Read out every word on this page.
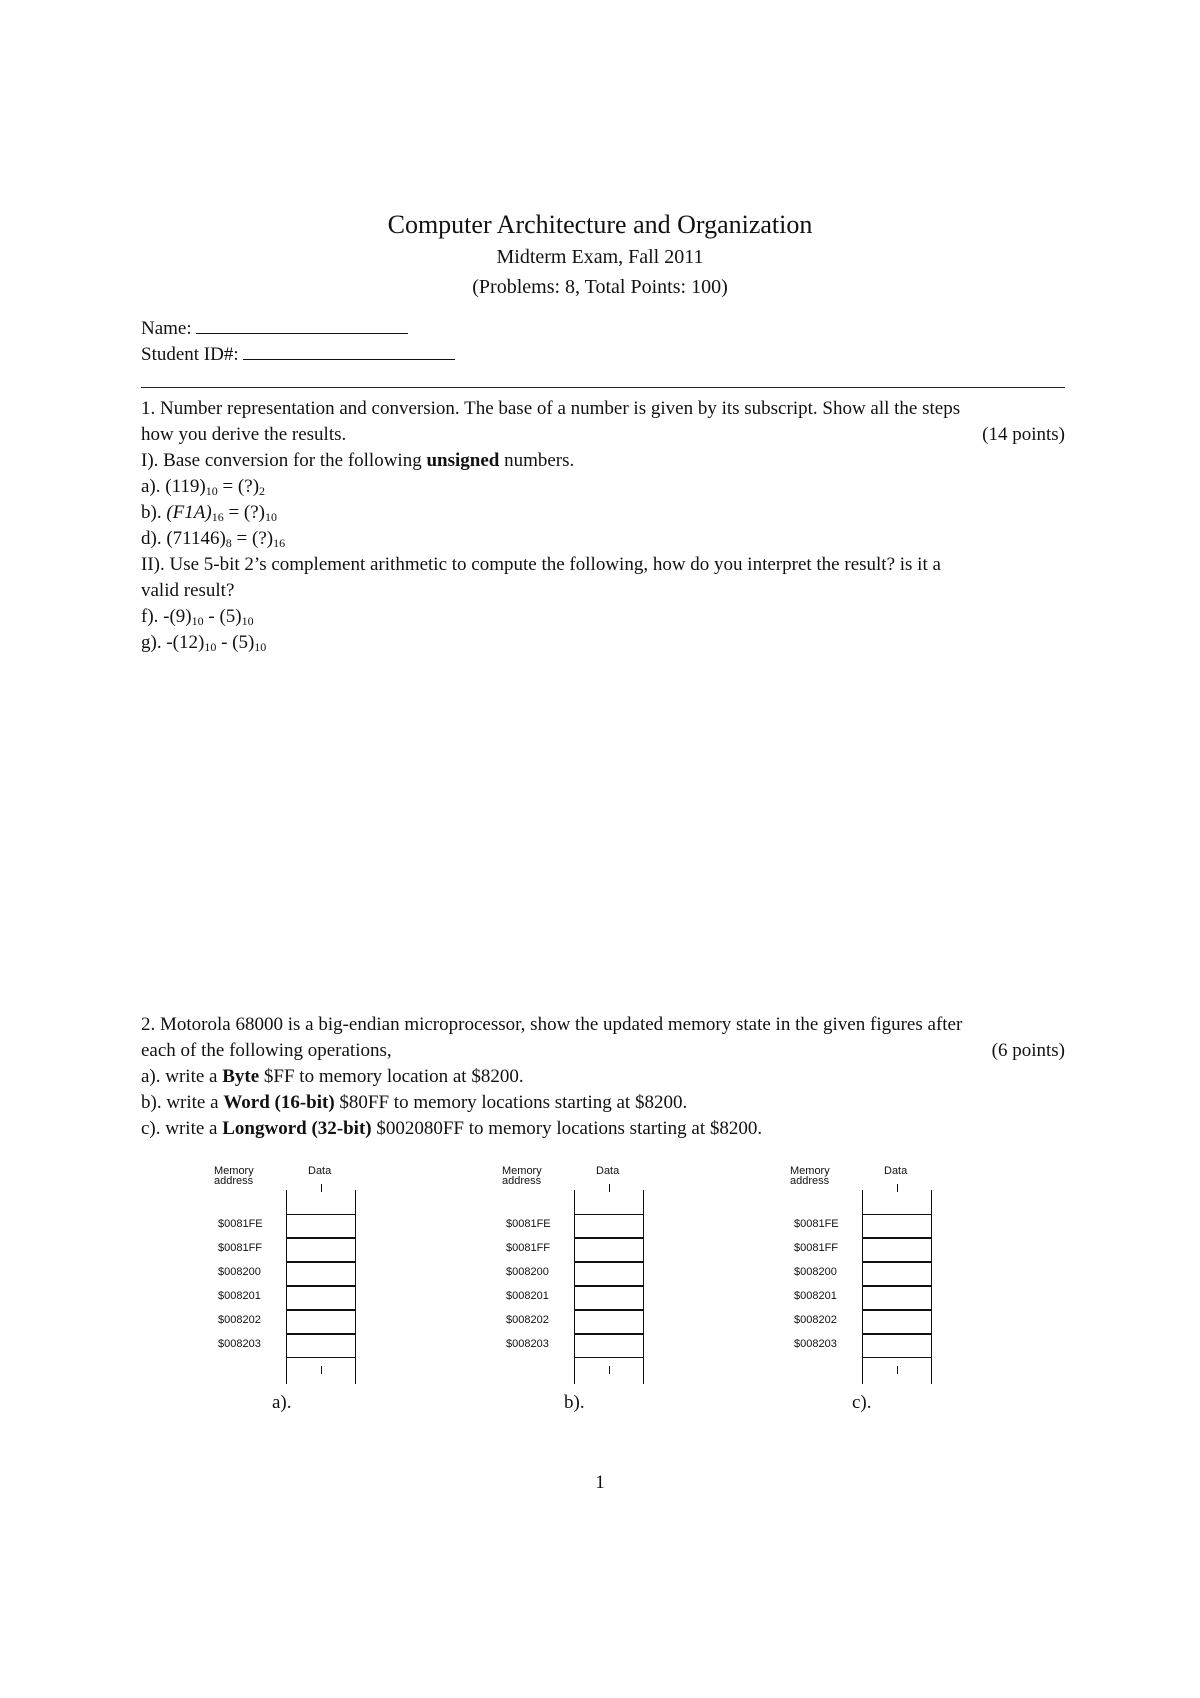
Computer Architecture and Organization
Midterm Exam, Fall 2011
(Problems: 8, Total Points: 100)
Name:
Student ID#:
1. Number representation and conversion. The base of a number is given by its subscript. Show all the steps
how you derive the results.	(14 points)
I). Base conversion for the following unsigned numbers.
a). $(119)_{10}$ = $(?)_2$
b). $(F1A)_{16}$ = $(?)_{10}$
d). $(71146)_8$ = $(?)_{16}$
II). Use 5-bit 2’s complement arithmetic to compute the following, how do you interpret the result? is it a
valid result?
f). $-(9)_{10} - (5)_{10}$
g). $-(12)_{10} - (5)_{10}$
2. Motorola 68000 is a big-endian microprocessor, show the updated memory state in the given figures after
each of the following operations,	(6 points)
a). write a Byte $FF to memory location at $8200.
b). write a Word (16-bit) $80FF to memory locations starting at $8200.
c). write a Longword (32-bit) $002080FF to memory locations starting at $8200.
Memory
address
Data
$0081FE
$0081FF
$008200
$008201
$008202
$008203
a).
Memory
address
Data
$0081FE
$0081FF
$008200
$008201
$008202
$008203
b).
Memory
address
Data
$0081FE
$0081FF
$008200
$008201
$008202
$008203
c).
1
